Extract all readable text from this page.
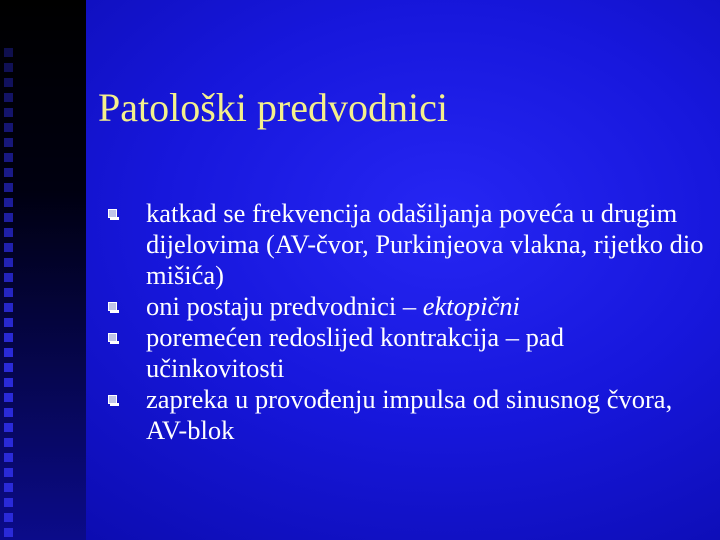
Patološki predvodnici
katkad se frekvencija odašiljanja poveća u drugim dijelovima (AV-čvor, Purkinjeova vlakna, rijetko dio mišića)
oni postaju predvodnici – ektopični
poremećen redoslijed kontrakcija – pad učinkovitosti
zapreka u provođenju impulsa od sinusnog čvora, AV-blok
